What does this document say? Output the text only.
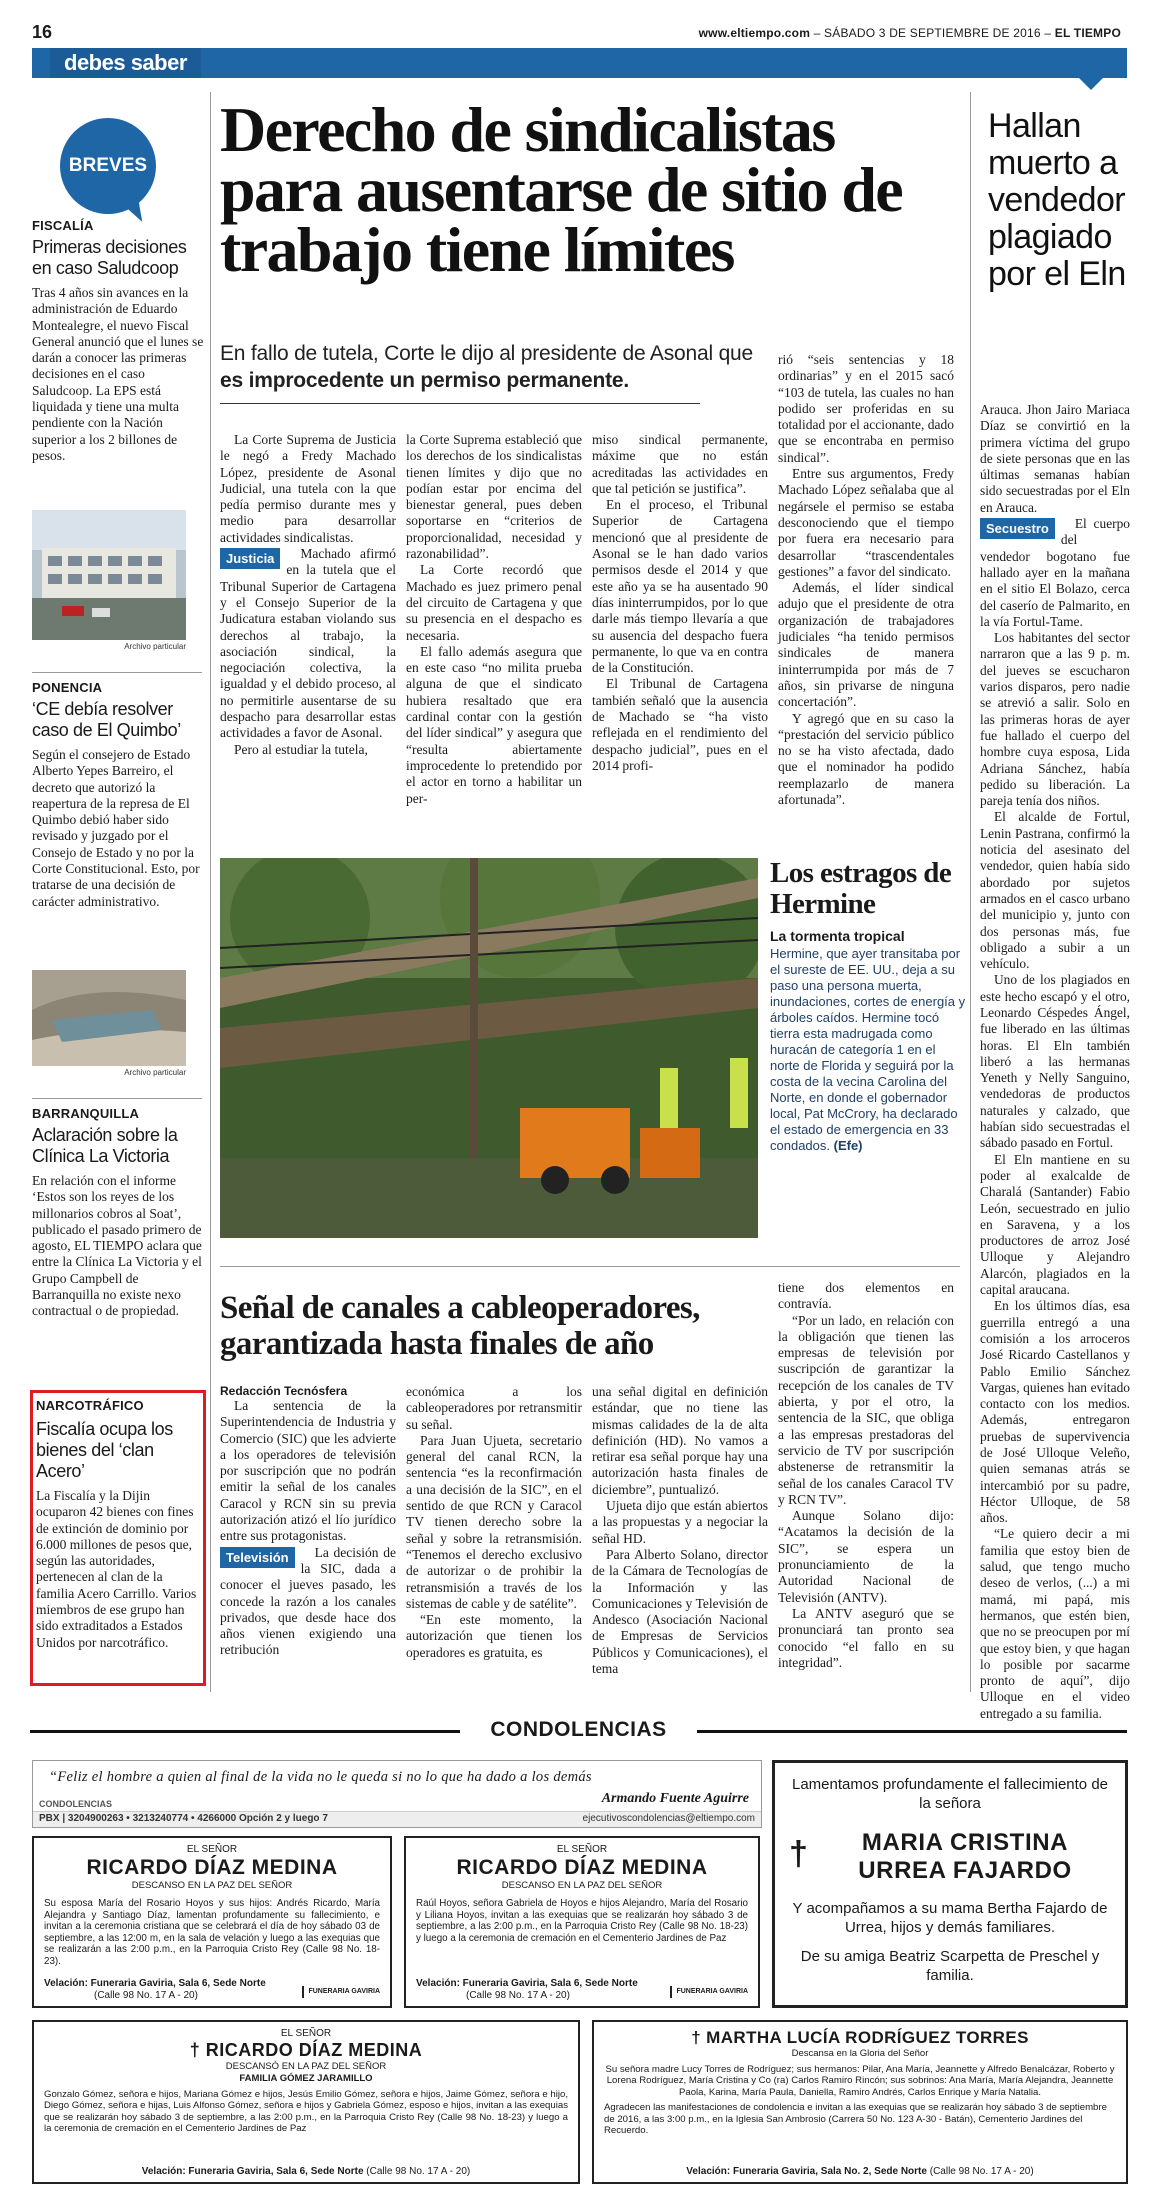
16	www.eltiempo.com – SÁBADO 3 DE SEPTIEMBRE DE 2016 – EL TIEMPO
debes saber
BREVES
FISCALÍA
Primeras decisiones en caso Saludcoop
Tras 4 años sin avances en la administración de Eduardo Montealegre, el nuevo Fiscal General anunció que el lunes se darán a conocer las primeras decisiones en el caso Saludcoop. La EPS está liquidada y tiene una multa pendiente con la Nación superior a los 2 billones de pesos.
Archivo particular
PONENCIA
‘CE debía resolver caso de El Quimbo’
Según el consejero de Estado Alberto Yepes Barreiro, el decreto que autorizó la reapertura de la represa de El Quimbo debió haber sido revisado y juzgado por el Consejo de Estado y no por la Corte Constitucional. Esto, por tratarse de una decisión de carácter administrativo.
Archivo particular
BARRANQUILLA
Aclaración sobre la Clínica La Victoria
En relación con el informe ‘Estos son los reyes de los millonarios cobros al Soat’, publicado el pasado primero de agosto, EL TIEMPO aclara que entre la Clínica La Victoria y el Grupo Campbell de Barranquilla no existe nexo contractual o de propiedad.
NARCOTRÁFICO
Fiscalía ocupa los bienes del ‘clan Acero’
La Fiscalía y la Dijin ocuparon 42 bienes con fines de extinción de dominio por 6.000 millones de pesos que, según las autoridades, pertenecen al clan de la familia Acero Carrillo. Varios miembros de ese grupo han sido extraditados a Estados Unidos por narcotráfico.
Derecho de sindicalistas para ausentarse de sitio de trabajo tiene límites
En fallo de tutela, Corte le dijo al presidente de Asonal que es improcedente un permiso permanente.

La Corte Suprema de Justicia le negó a Fredy Machado López, presidente de Asonal Judicial, una tutela con la que pedía permiso durante mes y medio para desarrollar actividades sindicalistas.

Justicia	Machado afirmó en la tutela que el Tribunal Superior de Cartagena y el Consejo Superior de la Judicatura estaban violando sus derechos al trabajo, la asociación sindical, la negociación colectiva, la igualdad y el debido proceso, al no permitirle ausentarse de su despacho para desarrollar estas actividades a favor de Asonal.

Pero al estudiar la tutela,

la Corte Suprema estableció que los derechos de los sindicalistas tienen límites y dijo que no podían estar por encima del bienestar general, pues deben soportarse en “criterios de proporcionalidad, necesidad y razonabilidad”.

La Corte recordó que Machado es juez primero penal del circuito de Cartagena y que su presencia en el despacho es necesaria.

El fallo además asegura que en este caso “no milita prueba alguna de que el sindicato hubiera resaltado que era cardinal contar con la gestión del líder sindical” y asegura que “resulta abiertamente improcedente lo pretendido por el actor en torno a habilitar un per-

miso sindical permanente, máxime que no están acreditadas las actividades en que tal petición se justifica”.

En el proceso, el Tribunal Superior de Cartagena mencionó que al presidente de Asonal se le han dado varios permisos desde el 2014 y que este año ya se ha ausentado 90 días ininterrumpidos, por lo que darle más tiempo llevaría a que su ausencia del despacho fuera permanente, lo que va en contra de la Constitución.

El Tribunal de Cartagena también señaló que la ausencia de Machado se “ha visto reflejada en el rendimiento del despacho judicial”, pues en el 2014 profi-

rió “seis sentencias y 18 ordinarias” y en el 2015 sacó “103 de tutela, las cuales no han podido ser proferidas en su totalidad por el accionante, dado que se encontraba en permiso sindical”.

Entre sus argumentos, Fredy Machado López señalaba que al negársele el permiso se estaba desconociendo que el tiempo por fuera era necesario para desarrollar “trascendentales gestiones” a favor del sindicato.

Además, el líder sindical adujo que el presidente de otra organización de trabajadores judiciales “ha tenido permisos sindicales de manera ininterrumpida por más de 7 años, sin privarse de ninguna concertación”.

Y agregó que en su caso la “prestación del servicio público no se ha visto afectada, dado que el nominador ha podido reemplazarlo de manera afortunada”.

Los estragos de Hermine
La tormenta tropical
Hermine, que ayer transitaba por el sureste de EE. UU., deja a su paso una persona muerta, inundaciones, cortes de energía y árboles caídos. Hermine tocó tierra esta madrugada como huracán de categoría 1 en el norte de Florida y seguirá por la costa de la vecina Carolina del Norte, en donde el gobernador local, Pat McCrory, ha declarado el estado de emergencia en 33 condados. (Efe)
Señal de canales a cableoperadores, garantizada hasta finales de año
Redacción Tecnósfera

La sentencia de la Superintendencia de Industria y Comercio (SIC) que les advierte a los operadores de televisión por suscripción que no podrán emitir la señal de los canales Caracol y RCN sin su previa autorización atizó el lío jurídico entre sus protagonistas.

Televisión	La decisión de la SIC, dada a conocer el jueves pasado, les concede la razón a los canales privados, que desde hace dos años vienen exigiendo una retribución

económica a los cableoperadores por retransmitir su señal.

Para Juan Ujueta, secretario general del canal RCN, la sentencia “es la reconfirmación a una decisión de la SIC”, en el sentido de que RCN y Caracol TV tienen derecho sobre la señal y sobre la retransmisión. “Tenemos el derecho exclusivo de autorizar o de prohibir la retransmisión a través de los sistemas de cable y de satélite”.

“En este momento, la autorización que tienen los operadores es gratuita, es

una señal digital en definición estándar, que no tiene las mismas calidades de la de alta definición (HD). No vamos a retirar esa señal porque hay una autorización hasta finales de diciembre”, puntualizó.

Ujueta dijo que están abiertos a las propuestas y a negociar la señal HD.

Para Alberto Solano, director de la Cámara de Tecnologías de la Información y las Comunicaciones y Televisión de Andesco (Asociación Nacional de Empresas de Servicios Públicos y Comunicaciones), el tema

tiene dos elementos en contravía.

“Por un lado, en relación con la obligación que tienen las empresas de televisión por suscripción de garantizar la recepción de los canales de TV abierta, y por el otro, la sentencia de la SIC, que obliga a las empresas prestadoras del servicio de TV por suscripción abstenerse de retransmitir la señal de los canales Caracol TV y RCN TV”.

Aunque Solano dijo: “Acatamos la decisión de la SIC”, se espera un pronunciamiento de la Autoridad Nacional de Televisión (ANTV).

La ANTV aseguró que se pronunciará tan pronto sea conocido “el fallo en su integridad”.

Hallan muerto a vendedor plagiado por el Eln

Arauca. Jhon Jairo Mariaca Díaz se convirtió en la primera víctima del grupo de siete personas que en las últimas semanas habían sido secuestradas por el Eln en Arauca.

Secuestro	El cuerpo del vendedor bogotano fue hallado ayer en la mañana en el sitio El Bolazo, cerca del caserío de Palmarito, en la vía Fortul-Tame.

Los habitantes del sector narraron que a las 9 p. m. del jueves se escucharon varios disparos, pero nadie se atrevió a salir. Solo en las primeras horas de ayer fue hallado el cuerpo del hombre cuya esposa, Lida Adriana Sánchez, había pedido su liberación. La pareja tenía dos niños.

El alcalde de Fortul, Lenin Pastrana, confirmó la noticia del asesinato del vendedor, quien había sido abordado por sujetos armados en el casco urbano del municipio y, junto con dos personas más, fue obligado a subir a un vehículo.

Uno de los plagiados en este hecho escapó y el otro, Leonardo Céspedes Ángel, fue liberado en las últimas horas. El Eln también liberó a las hermanas Yeneth y Nelly Sanguino, vendedoras de productos naturales y calzado, que habían sido secuestradas el sábado pasado en Fortul.

El Eln mantiene en su poder al exalcalde de Charalá (Santander) Fabio León, secuestrado en julio en Saravena, y a los productores de arroz José Ulloque y Alejandro Alarcón, plagiados en la capital araucana.

En los últimos días, esa guerrilla entregó a una comisión a los arroceros José Ricardo Castellanos y Pablo Emilio Sánchez Vargas, quienes han evitado contacto con los medios. Además, entregaron pruebas de supervivencia de José Ulloque Veleño, quien semanas atrás se intercambió por su padre, Héctor Ulloque, de 58 años.

“Le quiero decir a mi familia que estoy bien de salud, que tengo mucho deseo de verlos, (...) a mi mamá, mi papá, mis hermanos, que estén bien, que no se preocupen por mí que estoy bien, y que hagan lo posible por sacarme pronto de aquí”, dijo Ulloque en el video entregado a su familia.

CONDOLENCIAS
“Feliz el hombre a quien al final de la vida no le queda si no lo que ha dado a los demás
Armando Fuente Aguirre
CONDOLENCIAS
PBX | 3204900263 • 3213240774 • 4266000 Opción 2 y luego 7	ejecutivoscondolencias@eltiempo.com
EL SEÑOR
RICARDO DÍAZ MEDINA
DESCANSO EN LA PAZ DEL SEÑOR
Su esposa María del Rosario Hoyos y sus hijos: Andrés Ricardo, María Alejandra y Santiago Díaz, lamentan profundamente su fallecimiento, e invitan a la ceremonia cristiana que se celebrará el día de hoy sábado 03 de septiembre, a las 12:00 m, en la sala de velación y luego a las exequias que se realizarán a las 2:00 p.m., en la Parroquia Cristo Rey (Calle 98 No. 18-23).
Velación: Funeraria Gaviria, Sala 6, Sede Norte
(Calle 98 No. 17 A - 20)	FUNERARIA GAVIRIA
EL SEÑOR
RICARDO DÍAZ MEDINA
DESCANSO EN LA PAZ DEL SEÑOR
Raúl Hoyos, señora Gabriela de Hoyos e hijos Alejandro, María del Rosario y Liliana Hoyos, invitan a las exequias que se realizarán hoy sábado 3 de septiembre, a las 2:00 p.m., en la Parroquia Cristo Rey (Calle 98 No. 18-23) y luego a la ceremonia de cremación en el Cementerio Jardines de Paz
Velación: Funeraria Gaviria, Sala 6, Sede Norte
(Calle 98 No. 17 A - 20)	FUNERARIA GAVIRIA
Lamentamos profundamente el fallecimiento de la señora
†	MARIA CRISTINA URREA FAJARDO
Y acompañamos a su mama Bertha Fajardo de Urrea, hijos y demás familiares.
De su amiga Beatriz Scarpetta de Preschel y familia.
EL SEÑOR
† RICARDO DÍAZ MEDINA
DESCANSÓ EN LA PAZ DEL SEÑOR
FAMILIA GÓMEZ JARAMILLO
Gonzalo Gómez, señora e hijos, Mariana Gómez e hijos, Jesús Emilio Gómez, señora e hijos, Jaime Gómez, señora e hijo, Diego Gómez, señora e hijas, Luis Alfonso Gómez, señora e hijos y Gabriela Gómez, esposo e hijos, invitan a las exequias que se realizarán hoy sábado 3 de septiembre, a las 2:00 p.m., en la Parroquia Cristo Rey (Calle 98 No. 18-23) y luego a la ceremonia de cremación en el Cementerio Jardines de Paz
Velación: Funeraria Gaviria, Sala 6, Sede Norte (Calle 98 No. 17 A - 20)
† MARTHA LUCÍA RODRÍGUEZ TORRES
Descansa en la Gloria del Señor
Su señora madre Lucy Torres de Rodríguez; sus hermanos: Pilar, Ana María, Jeannette y Alfredo Benalcázar, Roberto y Lorena Rodríguez, María Cristina y Co (ra) Carlos Ramiro Rincón; sus sobrinos: Ana María, María Alejandra, Jeannette Paola, Karina, María Paula, Daniella, Ramiro Andrés, Carlos Enrique y María Natalia.
Agradecen las manifestaciones de condolencia e invitan a las exequias que se realizarán hoy sábado 3 de septiembre de 2016, a las 3:00 p.m., en la Iglesia San Ambrosio (Carrera 50 No. 123 A-30 - Batán), Cementerio Jardines del Recuerdo.
Velación: Funeraria Gaviria, Sala No. 2, Sede Norte (Calle 98 No. 17 A - 20)
